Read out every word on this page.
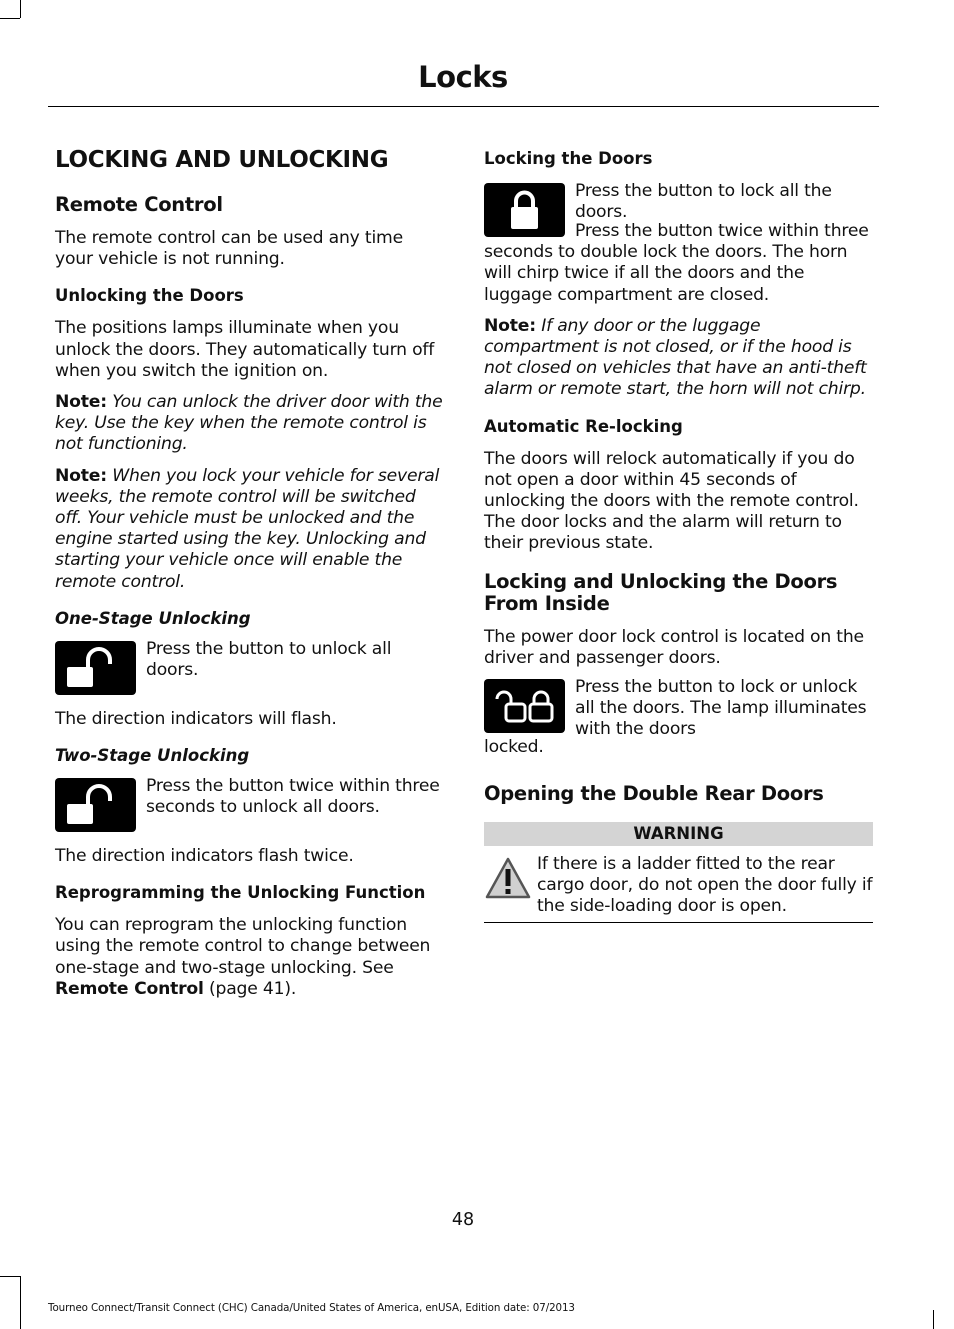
Locks
LOCKING AND UNLOCKING
Remote Control
The remote control can be used any time your vehicle is not running.
Unlocking the Doors
The positions lamps illuminate when you unlock the doors. They automatically turn off when you switch the ignition on.
Note: You can unlock the driver door with the key. Use the key when the remote control is not functioning.
Note: When you lock your vehicle for several weeks, the remote control will be switched off. Your vehicle must be unlocked and the engine started using the key. Unlocking and starting your vehicle once will enable the remote control.
One-Stage Unlocking
Press the button to unlock all doors.
The direction indicators will flash.
Two-Stage Unlocking
Press the button twice within three seconds to unlock all doors.
The direction indicators flash twice.
Reprogramming the Unlocking Function
You can reprogram the unlocking function using the remote control to change between one-stage and two-stage unlocking. See Remote Control (page 41).
Locking the Doors
Press the button to lock all the doors.
Press the button twice within three seconds to double lock the doors. The horn will chirp twice if all the doors and the luggage compartment are closed.
Note: If any door or the luggage compartment is not closed, or if the hood is not closed on vehicles that have an anti-theft alarm or remote start, the horn will not chirp.
Automatic Re-locking
The doors will relock automatically if you do not open a door within 45 seconds of unlocking the doors with the remote control. The door locks and the alarm will return to their previous state.
Locking and Unlocking the Doors From Inside
The power door lock control is located on the driver and passenger doors.
Press the button to lock or unlock all the doors. The lamp illuminates with the doors
locked.
Opening the Double Rear Doors
WARNING
If there is a ladder fitted to the rear cargo door, do not open the door fully if the side-loading door is open.
48
Tourneo Connect/Transit Connect (CHC) Canada/United States of America, enUSA, Edition date: 07/2013
